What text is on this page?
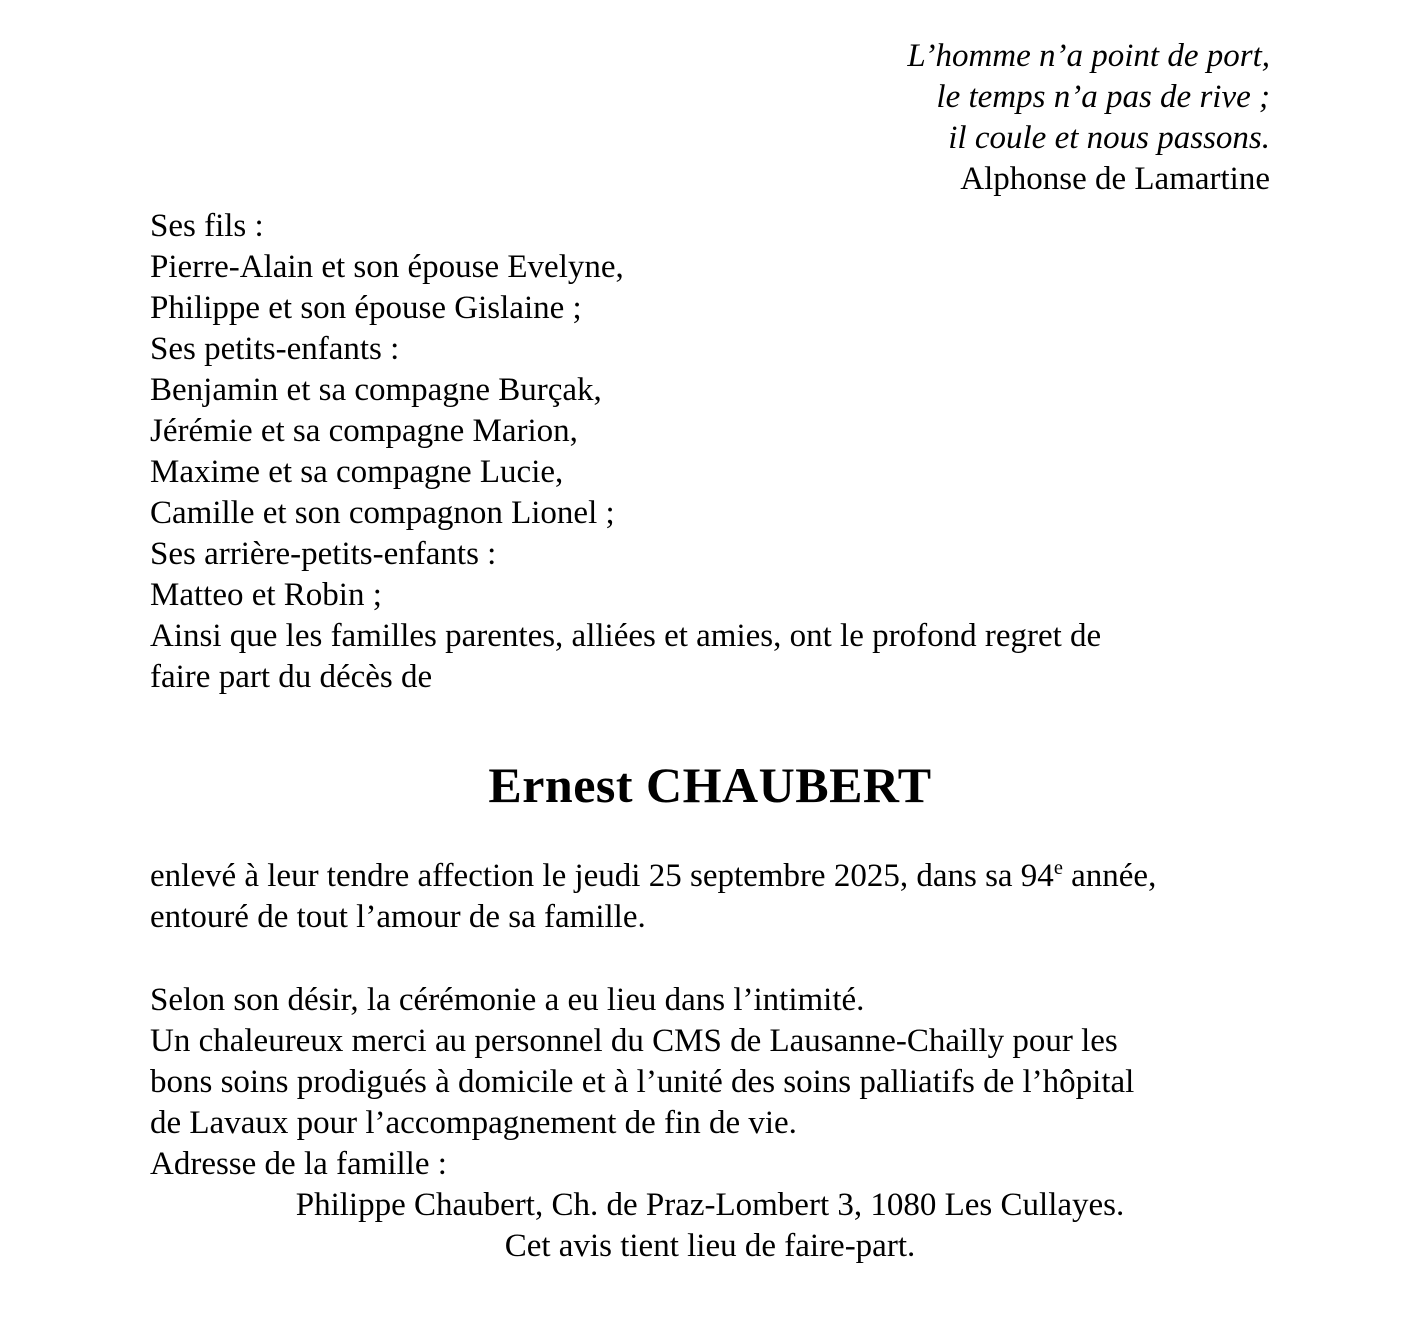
L’homme n’a point de port,
le temps n’a pas de rive ;
il coule et nous passons.
Alphonse de Lamartine
Ses fils :
Pierre-Alain et son épouse Evelyne,
Philippe et son épouse Gislaine ;
Ses petits-enfants :
Benjamin et sa compagne Burçak,
Jérémie et sa compagne Marion,
Maxime et sa compagne Lucie,
Camille et son compagnon Lionel ;
Ses arrière-petits-enfants :
Matteo et Robin ;
Ainsi que les familles parentes, alliées et amies, ont le profond regret de
faire part du décès de
Ernest CHAUBERT
enlevé à leur tendre affection le jeudi 25 septembre 2025, dans sa 94e année,
entouré de tout l’amour de sa famille.
Selon son désir, la cérémonie a eu lieu dans l’intimité.
Un chaleureux merci au personnel du CMS de Lausanne-Chailly pour les
bons soins prodigués à domicile et à l’unité des soins palliatifs de l’hôpital
de Lavaux pour l’accompagnement de fin de vie.
Adresse de la famille :
Philippe Chaubert, Ch. de Praz-Lombert 3, 1080 Les Cullayes.
Cet avis tient lieu de faire-part.
